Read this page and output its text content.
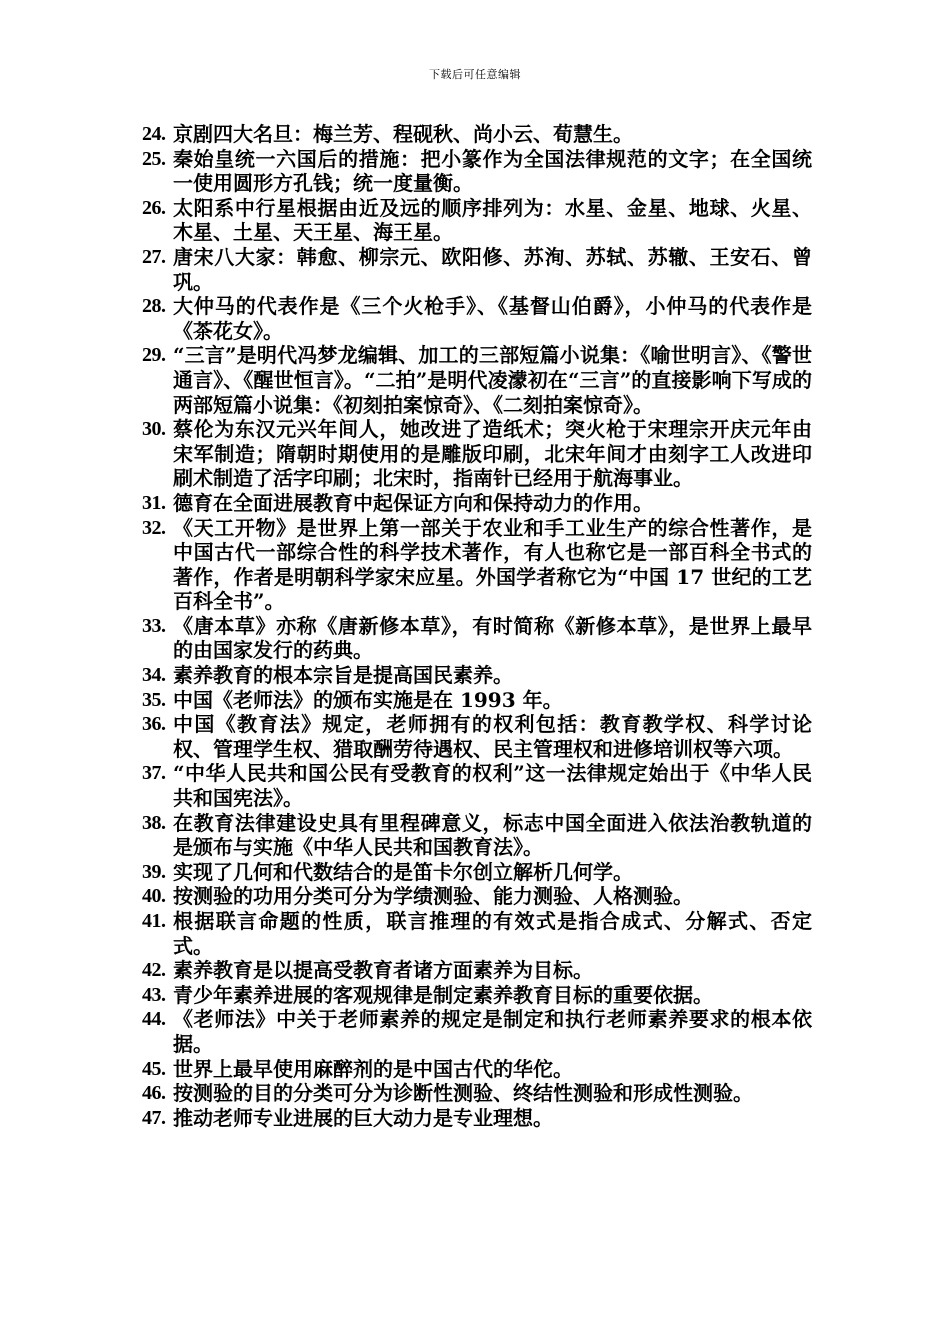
下载后可任意编辑
24. 京剧四大名旦：梅兰芳、程砚秋、尚小云、荀慧生。
25. 秦始皇统一六国后的措施：把小篆作为全国法律规范的文字；在全国统一使用圆形方孔钱；统一度量衡。
26. 太阳系中行星根据由近及远的顺序排列为：水星、金星、地球、火星、木星、土星、天王星、海王星。
27. 唐宋八大家：韩愈、柳宗元、欧阳修、苏洵、苏轼、苏辙、王安石、曾巩。
28. 大仲马的代表作是《三个火枪手》、《基督山伯爵》，小仲马的代表作是《茶花女》。
29. “三言”是明代冯梦龙编辑、加工的三部短篇小说集：《喻世明言》、《警世通言》、《醒世恒言》。“二拍”是明代凌濛初在“三言”的直接影响下写成的两部短篇小说集：《初刻拍案惊奇》、《二刻拍案惊奇》。
30. 蔡伦为东汉元兴年间人，她改进了造纸术；突火枪于宋理宗开庆元年由宋军制造；隋朝时期使用的是雕版印刷，北宋年间才由刻字工人改进印刷术制造了活字印刷；北宋时，指南针已经用于航海事业。
31. 德育在全面进展教育中起保证方向和保持动力的作用。
32. 《天工开物》是世界上第一部关于农业和手工业生产的综合性著作，是中国古代一部综合性的科学技术著作，有人也称它是一部百科全书式的著作，作者是明朝科学家宋应星。外国学者称它为“中国 17 世纪的工艺百科全书”。
33. 《唐本草》亦称《唐新修本草》，有时简称《新修本草》，是世界上最早的由国家发行的药典。
34. 素养教育的根本宗旨是提高国民素养。
35. 中国《老师法》的颁布实施是在 1993 年。
36. 中国《教育法》规定，老师拥有的权利包括：教育教学权、科学讨论权、管理学生权、猎取酬劳待遇权、民主管理权和进修培训权等六项。
37. “中华人民共和国公民有受教育的权利”这一法律规定始出于《中华人民共和国宪法》。
38. 在教育法律建设史具有里程碑意义，标志中国全面进入依法治教轨道的是颁布与实施《中华人民共和国教育法》。
39. 实现了几何和代数结合的是笛卡尔创立解析几何学。
40. 按测验的功用分类可分为学绩测验、能力测验、人格测验。
41. 根据联言命题的性质，联言推理的有效式是指合成式、分解式、否定式。
42. 素养教育是以提高受教育者诸方面素养为目标。
43. 青少年素养进展的客观规律是制定素养教育目标的重要依据。
44. 《老师法》中关于老师素养的规定是制定和执行老师素养要求的根本依据。
45. 世界上最早使用麻醉剂的是中国古代的华佗。
46. 按测验的目的分类可分为诊断性测验、终结性测验和形成性测验。
47. 推动老师专业进展的巨大动力是专业理想。
